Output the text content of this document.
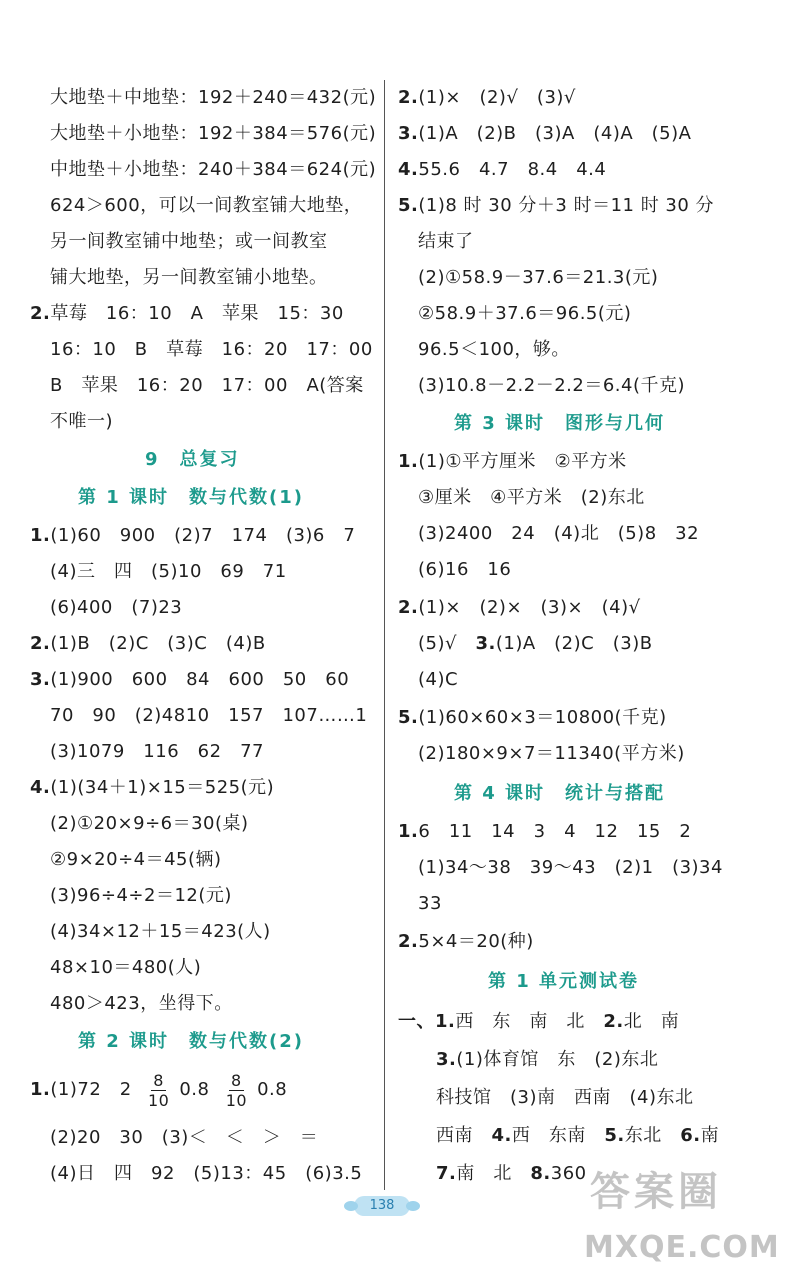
大地垫＋中地垫：192＋240＝432(元)
大地垫＋小地垫：192＋384＝576(元)
中地垫＋小地垫：240＋384＝624(元)
624＞600，可以一间教室铺大地垫，
另一间教室铺中地垫；或一间教室
铺大地垫，另一间教室铺小地垫。
2.草莓　16：10　A　苹果　15：30
16：10　B　草莓　16：20　17：00
B　苹果　16：20　17：00　A(答案
不唯一)
9　总复习
第 1 课时　数与代数(1)
1.(1)60　900　(2)7　174　(3)6　7
(4)三　四　(5)10　69　71
(6)400　(7)23
2.(1)B　(2)C　(3)C　(4)B
3.(1)900　600　84　600　50　60
70　90　(2)4810　157　107……1
(3)1079　116　62　77
4.(1)(34＋1)×15＝525(元)
(2)①20×9÷6＝30(桌)
②9×20÷4＝45(辆)
(3)96÷4÷2＝12(元)
(4)34×12＋15＝423(人)
48×10＝480(人)
480＞423，坐得下。
第 2 课时　数与代数(2)
1.(1)72　$2 \frac{8}{10} 0.8 \frac{8}{10} 0.8$
(2)20　30　(3)＜　＜　＞　＝
(4)日　四　92　(5)13：45　(6)3.5
2.(1)×　(2)√　(3)√
3.(1)A　(2)B　(3)A　(4)A　(5)A
4.55.6　4.7　8.4　4.4
5.(1)8 时 30 分＋3 时＝11 时 30 分
结束了
(2)①58.9－37.6＝21.3(元)
②58.9＋37.6＝96.5(元)
96.5＜100，够。
(3)10.8－2.2－2.2＝6.4(千克)
第 3 课时　图形与几何
1.(1)①平方厘米　②平方米
③厘米　④平方米　(2)东北
(3)2400　24　(4)北　(5)8　32
(6)16　16
2.(1)×　(2)×　(3)×　(4)√
(5)√　 3.(1)A　(2)C　(3)B
(4)C
5.(1)60×60×3＝10800(千克)
(2)180×9×7＝11340(平方米)
第 4 课时　统计与搭配
1.6　11　14　3　4　12　15　2
(1)34～38　39～43　(2)1　(3)34
33
2.5×4＝20(种)
第 1 单元测试卷
一、1.西　东　南　北　 2.北　南
3.(1)体育馆　东　(2)东北
科技馆　(3)南　西南　(4)东北
西南　 4.西　东南　 5.东北　 6.南
7.南　北　 8.360
138	答案圈
MXQE.COM
